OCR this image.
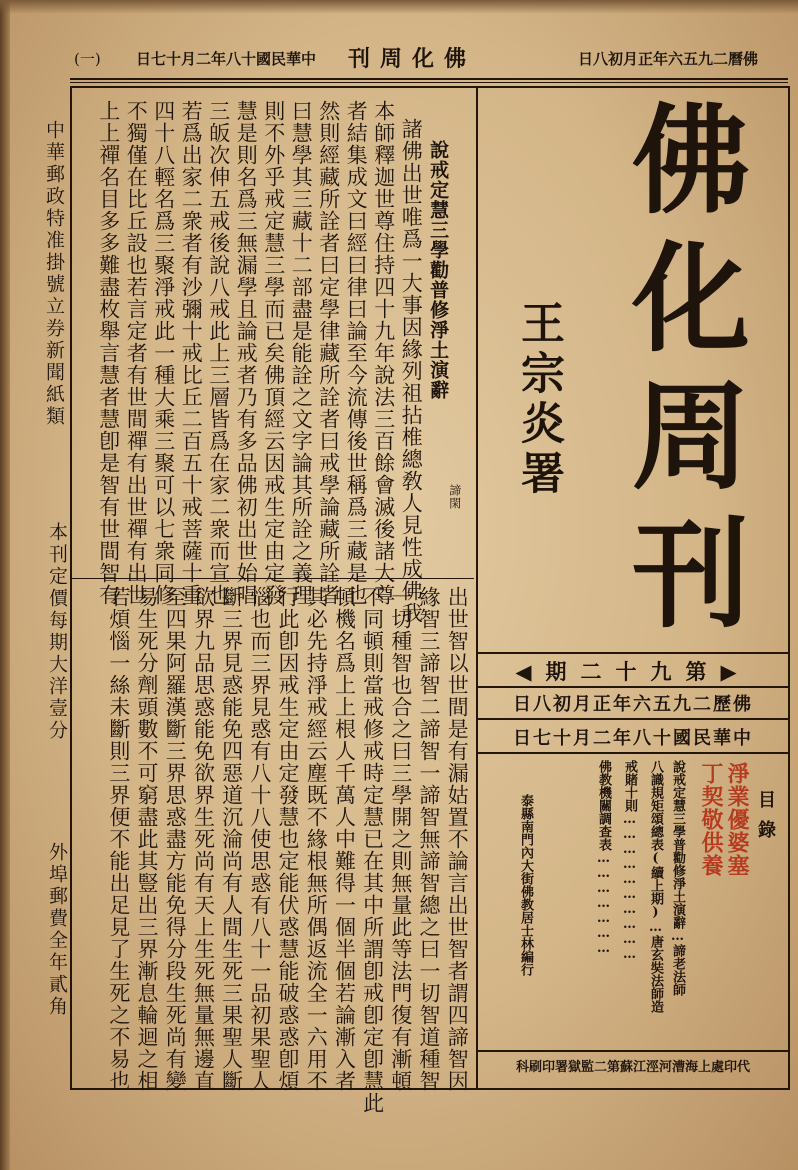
(一) 日七十月二年八十國民華中 刊周化佛	日八初月正年六五九二曆佛
中華郵政特准掛號立券新聞紙類
本刊定價每期大洋壹分
外埠郵費全年貳角
說戒定慧三學勸普修淨土演辭
諦閑
佛
化
周
刊
王宗炎署
◀期二十九第▶
日八初月正年六五九二歷佛
日七十月二年八十國民華中
目錄
淨業優婆塞
丁契敬供養
說戒定慧三學普勸修淨土演辭…諦老法師
八識規矩頌總表(續上期)…唐玄奘法師造
戒賭十則…………………………
佛教機關調查表…………………
泰縣南門內大街佛教居士林編行
科刷印署獄監二第蘇江涇河漕海上處印代
諸佛出世唯爲一大事因緣列祖拈椎總敎人見性成佛我
本師釋迦世尊住持四十九年說法三百餘會滅後諸大尊
者結集成文曰經曰律曰論至今流傳後世稱爲三藏是也
然則經藏所詮者曰定學律藏所詮者曰戒學論藏所詮者
曰慧學其三藏十二部盡是能詮之文字論其所詮之義理
則不外乎戒定慧三學而已矣佛頂經云因戒生定由定發
慧是則名爲三無漏學且論戒者乃有多品佛初出世始唱
三皈次伸五戒後說八戒此上三層皆爲在家二衆而宣也
若爲出家二衆者有沙彌十戒比丘二百五十戒菩薩十重
四十八輕名爲三聚淨戒此一種大乘三聚可以七衆同修
不獨僅在比丘設也若言定者有世間禪有出世禪有出世
上上禪名目多多難盡枚舉言慧者慧卽是智有世間智有
出世智以世間是有漏姑置不論言出世智者謂四諦智因
緣智三諦智二諦智一諦智無諦智總之曰一切智道種智
一切種智也合之曰三學開之則無量此等法門復有漸頓
不同頓則當戒修戒時定慧已在其中所謂卽戒卽定卽慧此
頓機名爲上上根人千萬人中難得一個半個若論漸入者
其必先持淨戒經云塵既不緣根無所偶返流全一六用不
行此卽因戒生定由定發慧也定能伏惑慧能破惑惑卽煩
惱也而三界見惑有八十八使思惑有八十一品初果聖人
斷三界見惑能免四惡道沉淪尚有人間生死三果聖人斷
欲界九品思惑能免欲界生死尚有天上生死無量無邊直
至四果阿羅漢斷三界思惑盡方能免得分段生死尚有變
易生死分劑頭數不可窮盡此其豎出三界漸息輪迴之相
若煩惱一絲未斷則三界便不能出足見了生死之不易也
